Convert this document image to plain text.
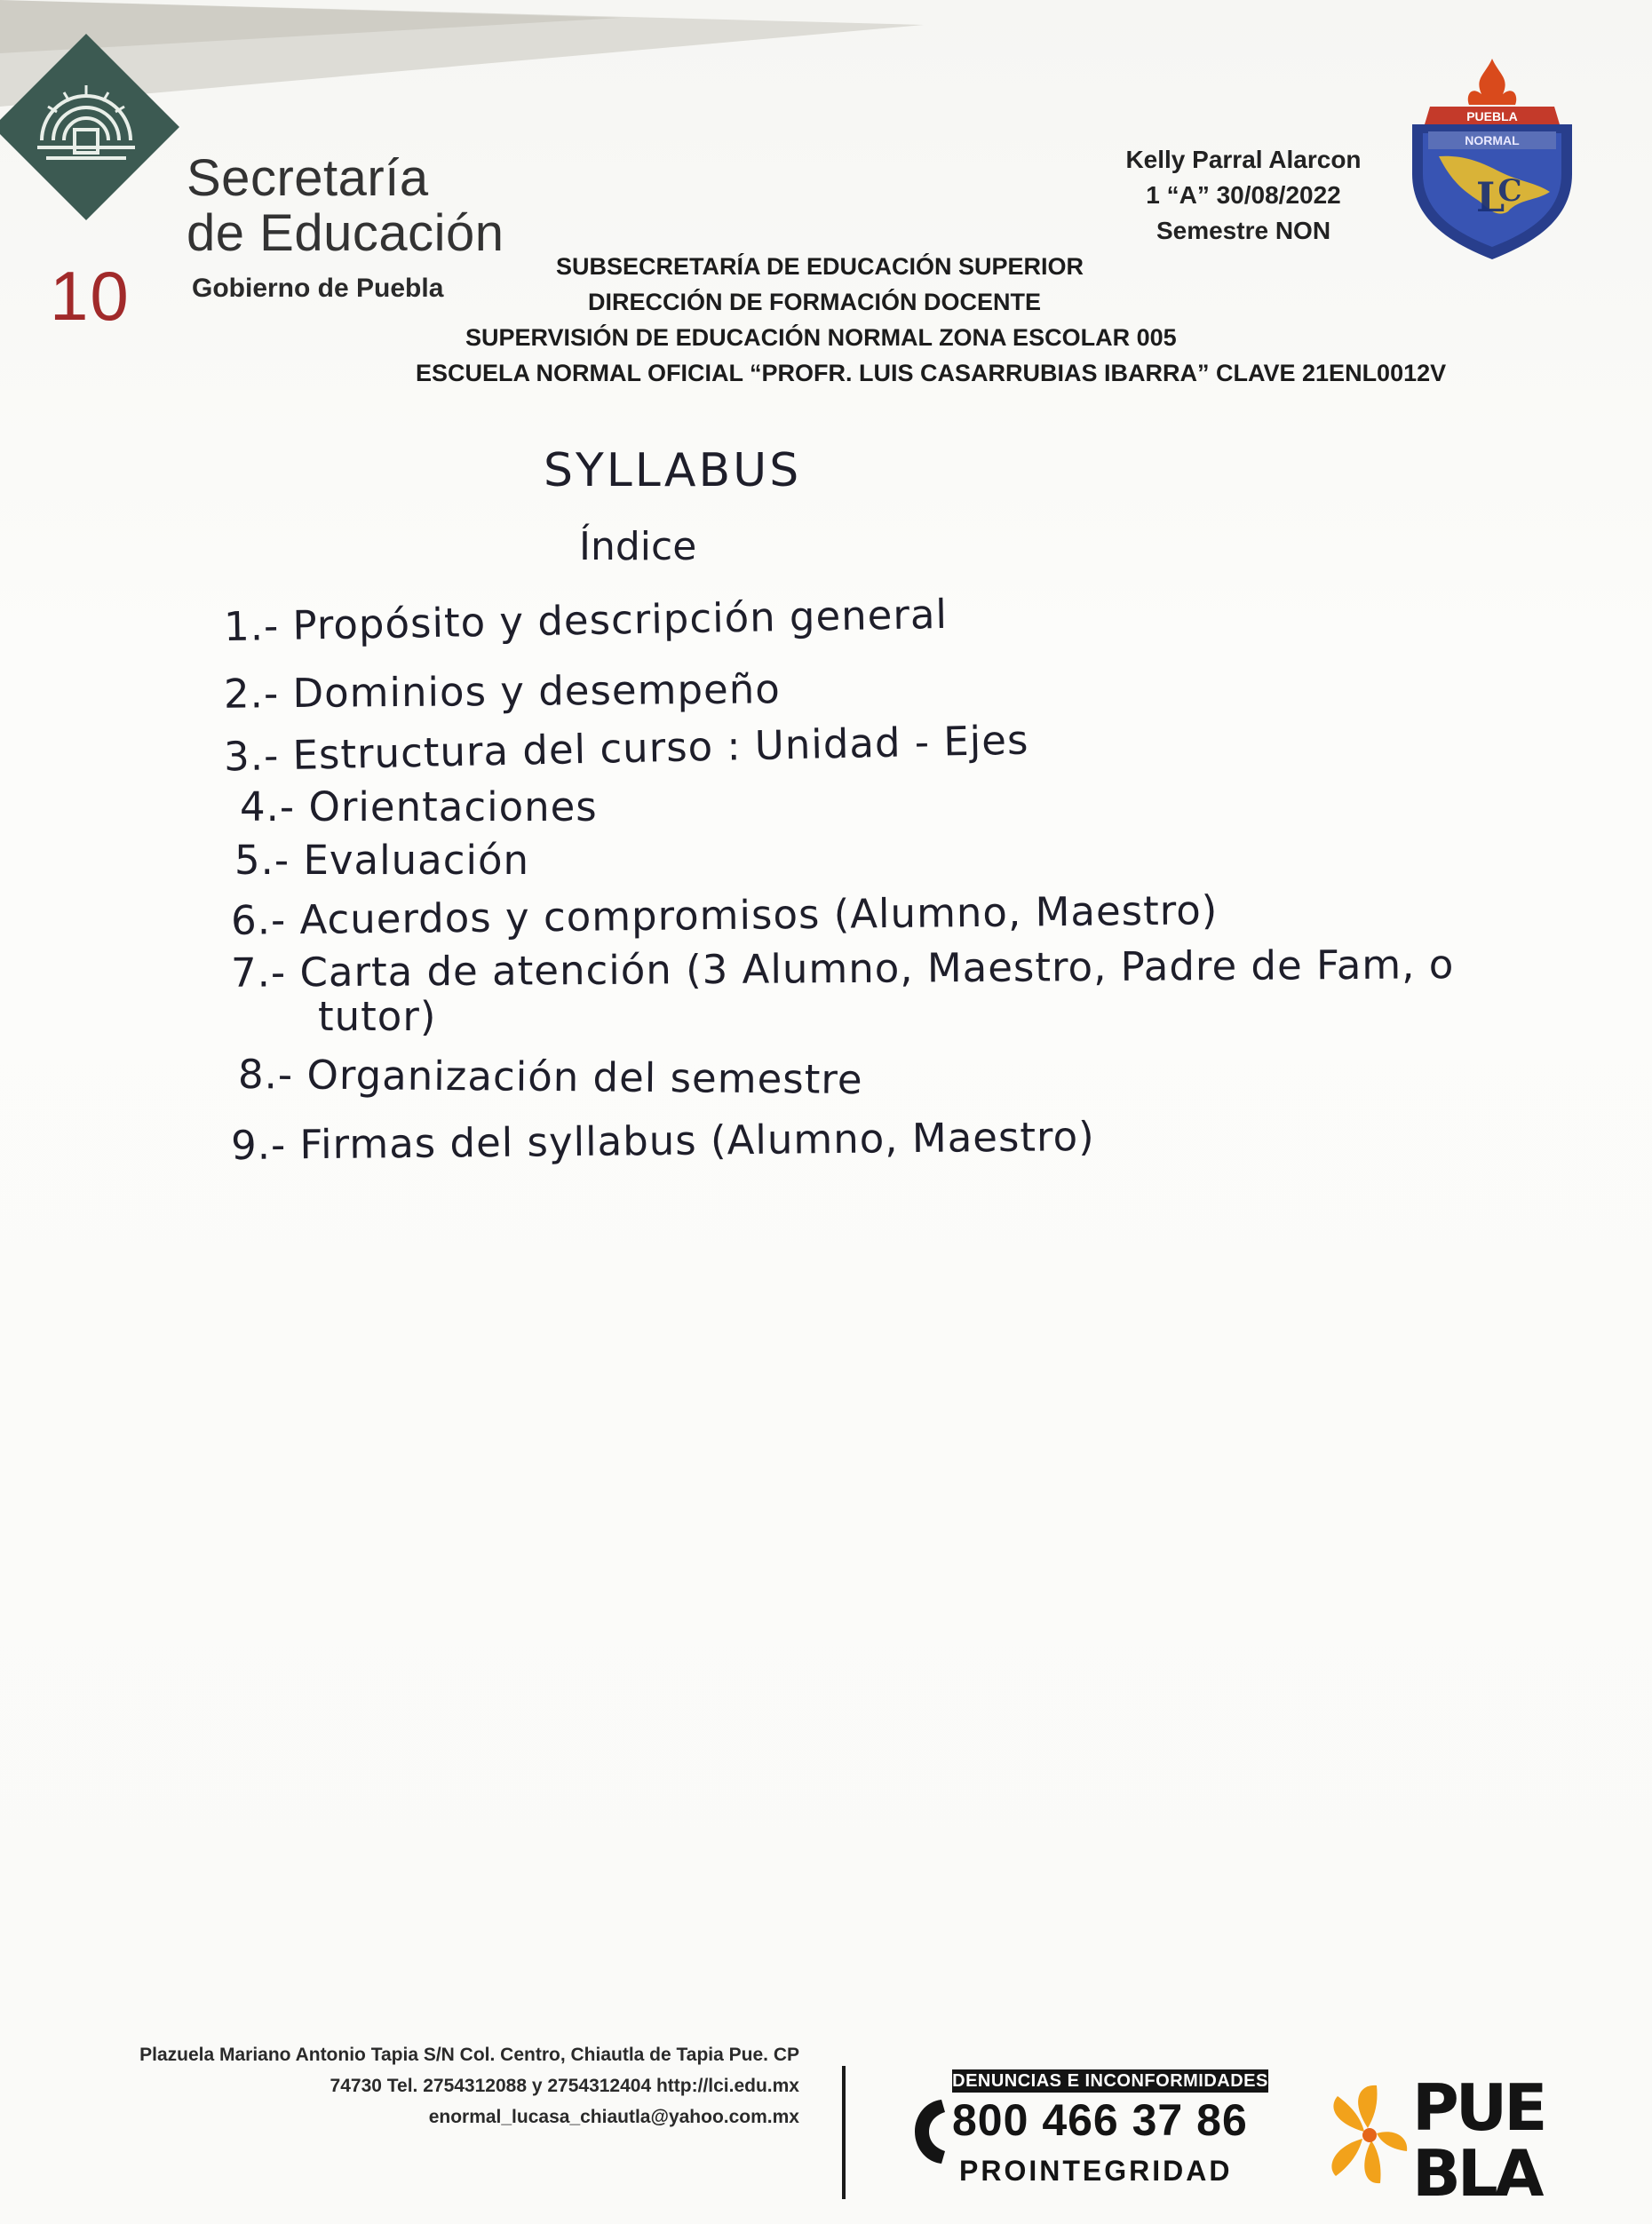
Secretaría
de Educación
Gobierno de Puebla
10
Kelly Parral Alarcon
1 “A” 30/08/2022
Semestre NON
PUEBLA
NORMAL
L
C
SUBSECRETARÍA DE EDUCACIÓN SUPERIOR
DIRECCIÓN DE FORMACIÓN DOCENTE
SUPERVISIÓN DE EDUCACIÓN NORMAL ZONA ESCOLAR 005
ESCUELA NORMAL OFICIAL “PROFR. LUIS CASARRUBIAS IBARRA” CLAVE 21ENL0012V
SYLLABUS
Índice
1.- Propósito y descripción general
2.- Dominios y desempeño
3.- Estructura del curso : Unidad - Ejes
4.- Orientaciones
5.- Evaluación
6.- Acuerdos y compromisos (Alumno, Maestro)
7.- Carta de atención (3 Alumno, Maestro, Padre de Fam, o
tutor)
8.- Organización del semestre
9.- Firmas del syllabus (Alumno, Maestro)
Plazuela Mariano Antonio Tapia S/N Col. Centro, Chiautla de Tapia Pue. CP
74730 Tel. 2754312088 y 2754312404 http://lci.edu.mx
enormal_lucasa_chiautla@yahoo.com.mx
DENUNCIAS E INCONFORMIDADES
800 466 37 86
PROINTEGRIDAD
PUE
BLA
